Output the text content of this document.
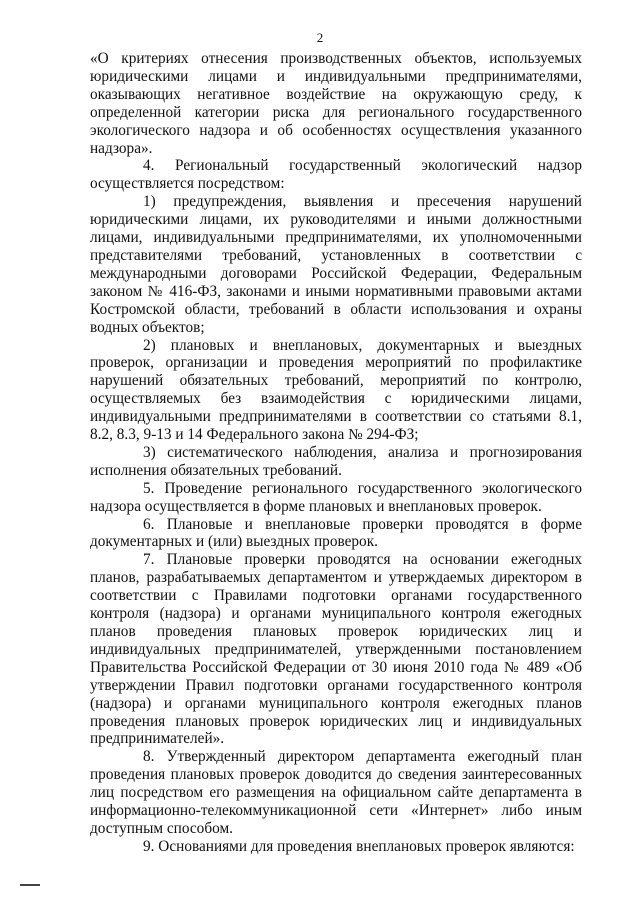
2

«О критериях отнесения производственных объектов, используемых юридическими лицами и индивидуальными предпринимателями, оказывающих негативное воздействие на окружающую среду, к определенной категории риска для регионального государственного экологического надзора и об особенностях осуществления указанного надзора».

4. Региональный государственный экологический надзор осуществляется посредством:

1) предупреждения, выявления и пресечения нарушений юридическими лицами, их руководителями и иными должностными лицами, индивидуальными предпринимателями, их уполномоченными представителями требований, установленных в соответствии с международными договорами Российской Федерации, Федеральным законом № 416-ФЗ, законами и иными нормативными правовыми актами Костромской области, требований в области использования и охраны водных объектов;

2) плановых и внеплановых, документарных и выездных проверок, организации и проведения мероприятий по профилактике нарушений обязательных требований, мероприятий по контролю, осуществляемых без взаимодействия с юридическими лицами, индивидуальными предпринимателями в соответствии со статьями 8.1, 8.2, 8.3, 9-13 и 14 Федерального закона № 294-ФЗ;

3) систематического наблюдения, анализа и прогнозирования исполнения обязательных требований.

5. Проведение регионального государственного экологического надзора осуществляется в форме плановых и внеплановых проверок.

6. Плановые и внеплановые проверки проводятся в форме документарных и (или) выездных проверок.

7. Плановые проверки проводятся на основании ежегодных планов, разрабатываемых департаментом и утверждаемых директором в соответствии с Правилами подготовки органами государственного контроля (надзора) и органами муниципального контроля ежегодных планов проведения плановых проверок юридических лиц и индивидуальных предпринимателей, утвержденными постановлением Правительства Российской Федерации от 30 июня 2010 года № 489 «Об утверждении Правил подготовки органами государственного контроля (надзора) и органами муниципального контроля ежегодных планов проведения плановых проверок юридических лиц и индивидуальных предпринимателей».

8. Утвержденный директором департамента ежегодный план проведения плановых проверок доводится до сведения заинтересованных лиц посредством его размещения на официальном сайте департамента в информационно-телекоммуникационной сети «Интернет» либо иным доступным способом.

9. Основаниями для проведения внеплановых проверок являются:
